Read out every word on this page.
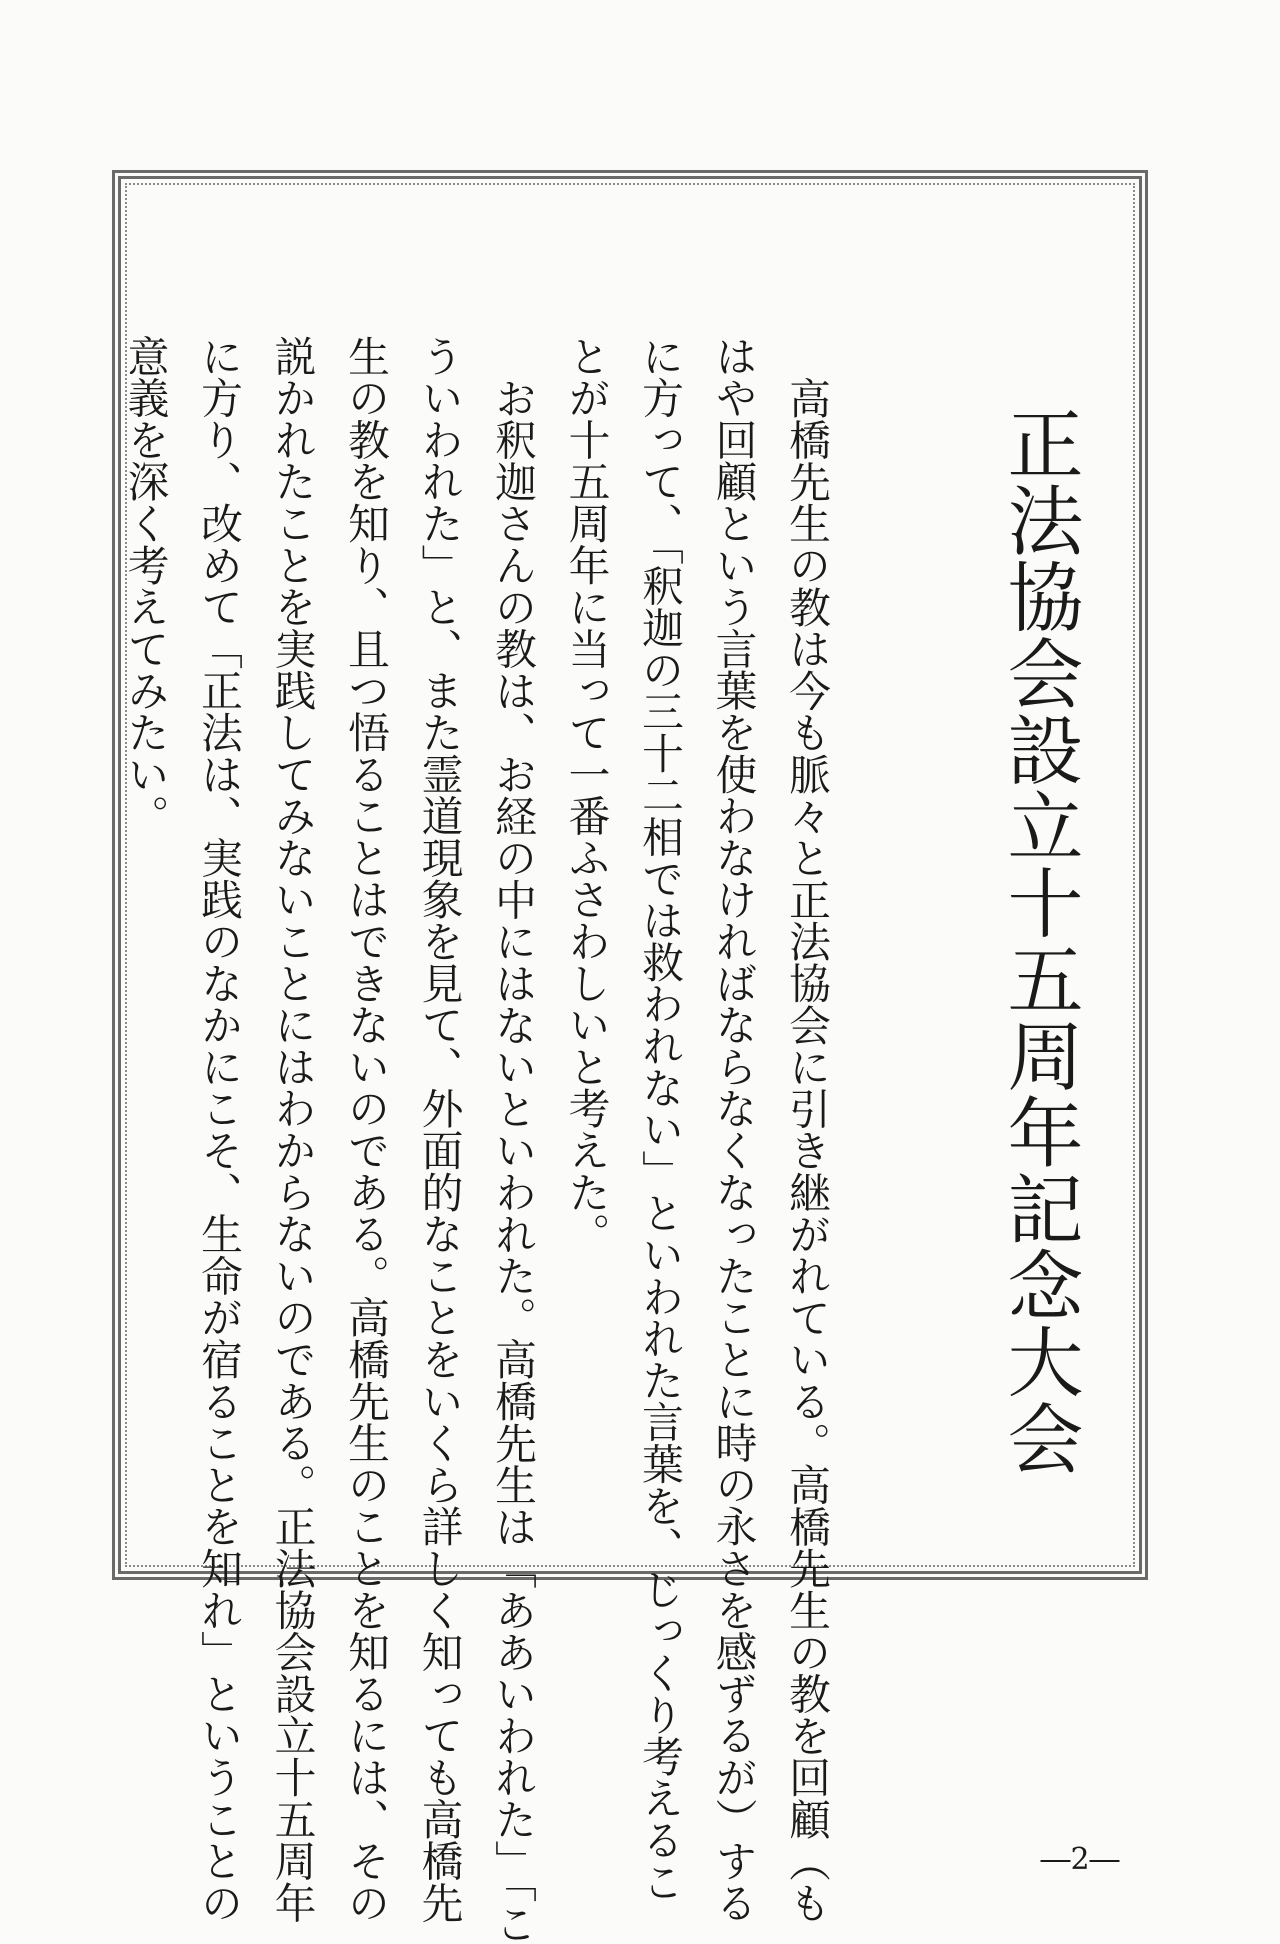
正法協会設立十五周年記念大会

高橋先生の教は今も脈々と正法協会に引き継がれている。高橋先生の教を回顧（も
はや回顧という言葉を使わなければならなくなったことに時の永さを感ずるが）する
に方って、「釈迦の三十二相では救われない」といわれた言葉を、じっくり考えるこ
とが十五周年に当って一番ふさわしいと考えた。

お釈迦さんの教は、お経の中にはないといわれた。高橋先生は「ああいわれた」「こ
ういわれた」と、また霊道現象を見て、外面的なことをいくら詳しく知っても高橋先
生の教を知り、且つ悟ることはできないのである。高橋先生のことを知るには、その
説かれたことを実践してみないことにはわからないのである。正法協会設立十五周年
に方り、改めて「正法は、実践のなかにこそ、生命が宿ることを知れ」ということの
意義を深く考えてみたい。

―2―
